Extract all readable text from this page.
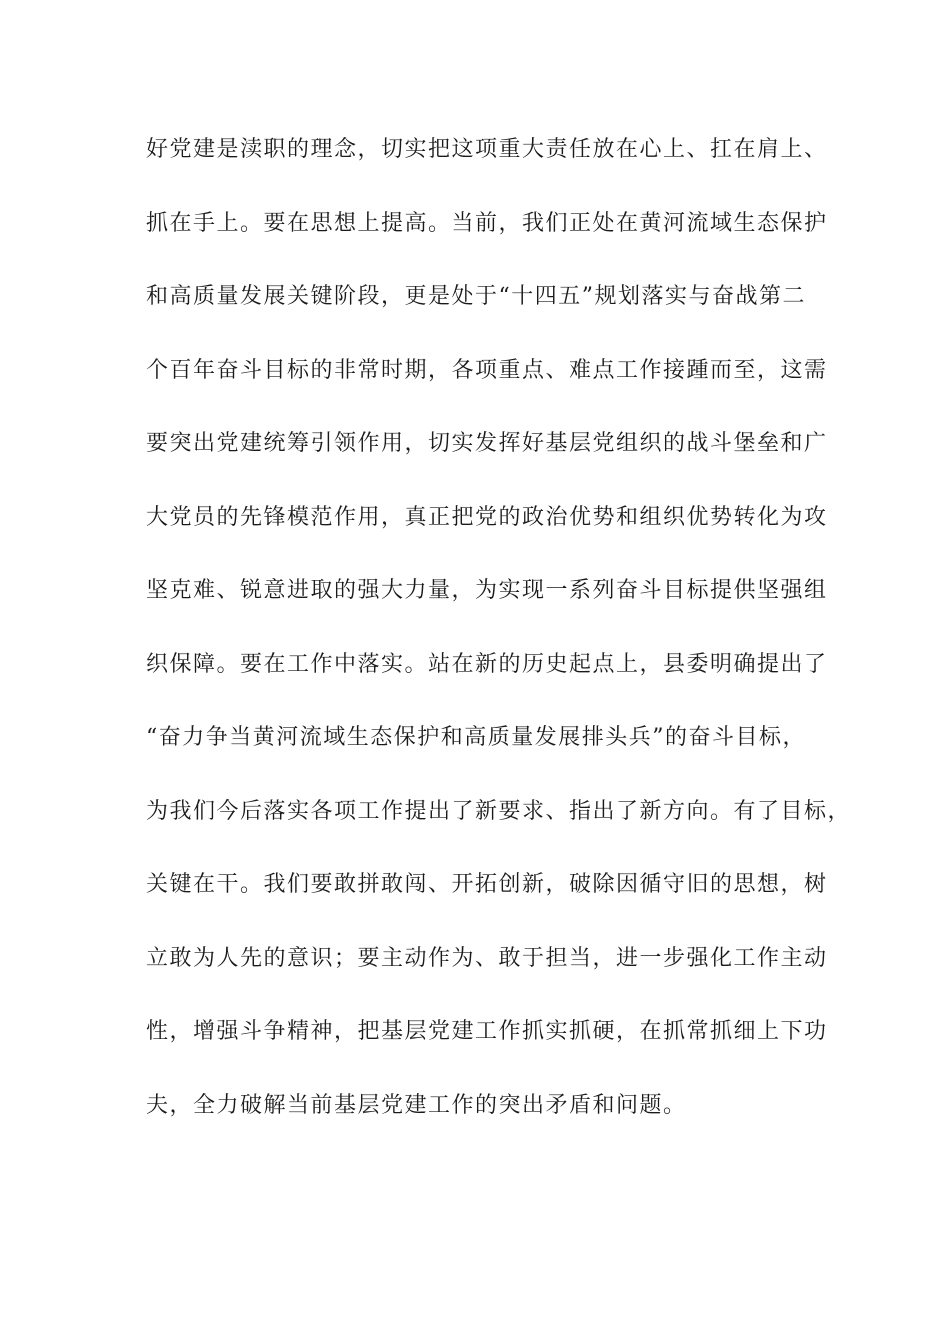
好党建是渎职的理念，切实把这项重大责任放在心上、扛在肩上、
抓在手上。要在思想上提高。当前，我们正处在黄河流域生态保护
和高质量发展关键阶段，更是处于“十四五”规划落实与奋战第二
个百年奋斗目标的非常时期，各项重点、难点工作接踵而至，这需
要突出党建统筹引领作用，切实发挥好基层党组织的战斗堡垒和广
大党员的先锋模范作用，真正把党的政治优势和组织优势转化为攻
坚克难、锐意进取的强大力量，为实现一系列奋斗目标提供坚强组
织保障。要在工作中落实。站在新的历史起点上，县委明确提出了
“奋力争当黄河流域生态保护和高质量发展排头兵”的奋斗目标，
为我们今后落实各项工作提出了新要求、指出了新方向。有了目标，
关键在干。我们要敢拼敢闯、开拓创新，破除因循守旧的思想，树
立敢为人先的意识；要主动作为、敢于担当，进一步强化工作主动
性，增强斗争精神，把基层党建工作抓实抓硬，在抓常抓细上下功
夫，全力破解当前基层党建工作的突出矛盾和问题。
